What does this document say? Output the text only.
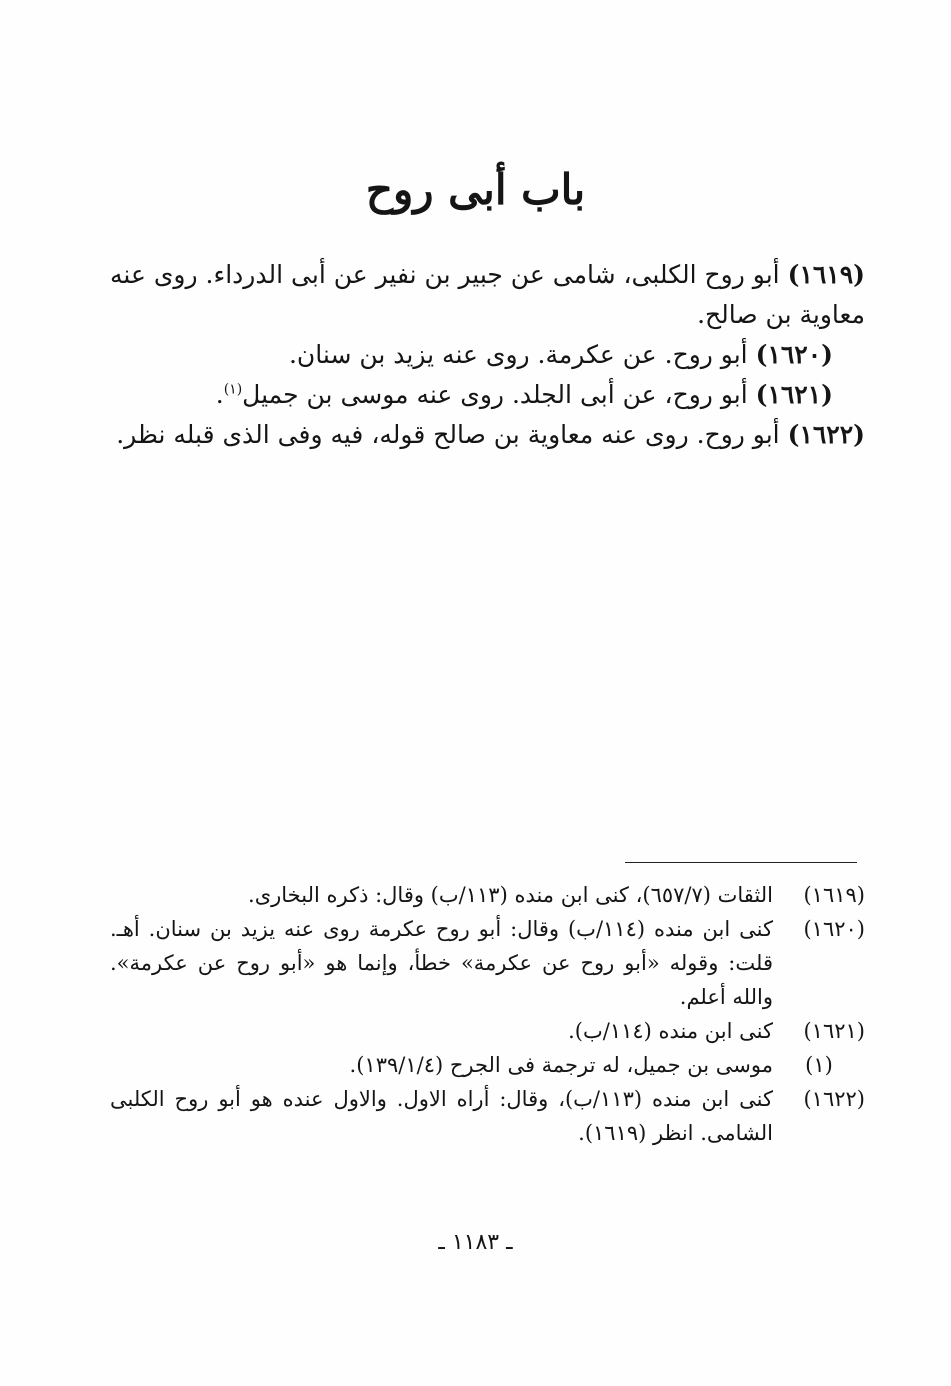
باب أبى روح

(١٦١٩) أبو روح الكلبى، شامى عن جبير بن نفير عن أبى الدرداء. روى عنه معاوية بن صالح.

(١٦٢٠) أبو روح. عن عكرمة. روى عنه يزيد بن سنان.

(١٦٢١) أبو روح، عن أبى الجلد. روى عنه موسى بن جميل$^{(١)}$.

(١٦٢٢) أبو روح. روى عنه معاوية بن صالح قوله، فيه وفى الذى قبله نظر.

(١٦١٩)
الثقات (٦٥٧/٧)، كنى ابن منده (١١٣/ب) وقال: ذكره البخارى.
(١٦٢٠)
كنى ابن منده (١١٤/ب) وقال: أبو روح عكرمة روى عنه يزيد بن سنان. أهـ. قلت: وقوله «أبو روح عن عكرمة» خطأ، وإنما هو «أبو روح عن عكرمة». والله أعلم.
(١٦٢١)
كنى ابن منده (١١٤/ب).
(١)
موسى بن جميل، له ترجمة فى الجرح (١٣٩/١/٤).
(١٦٢٢)
كنى ابن منده (١١٣/ب)، وقال: أراه الاول. والاول عنده هو أبو روح الكلبى الشامى. انظر (١٦١٩).
ـ ١١٨٣ ـ
